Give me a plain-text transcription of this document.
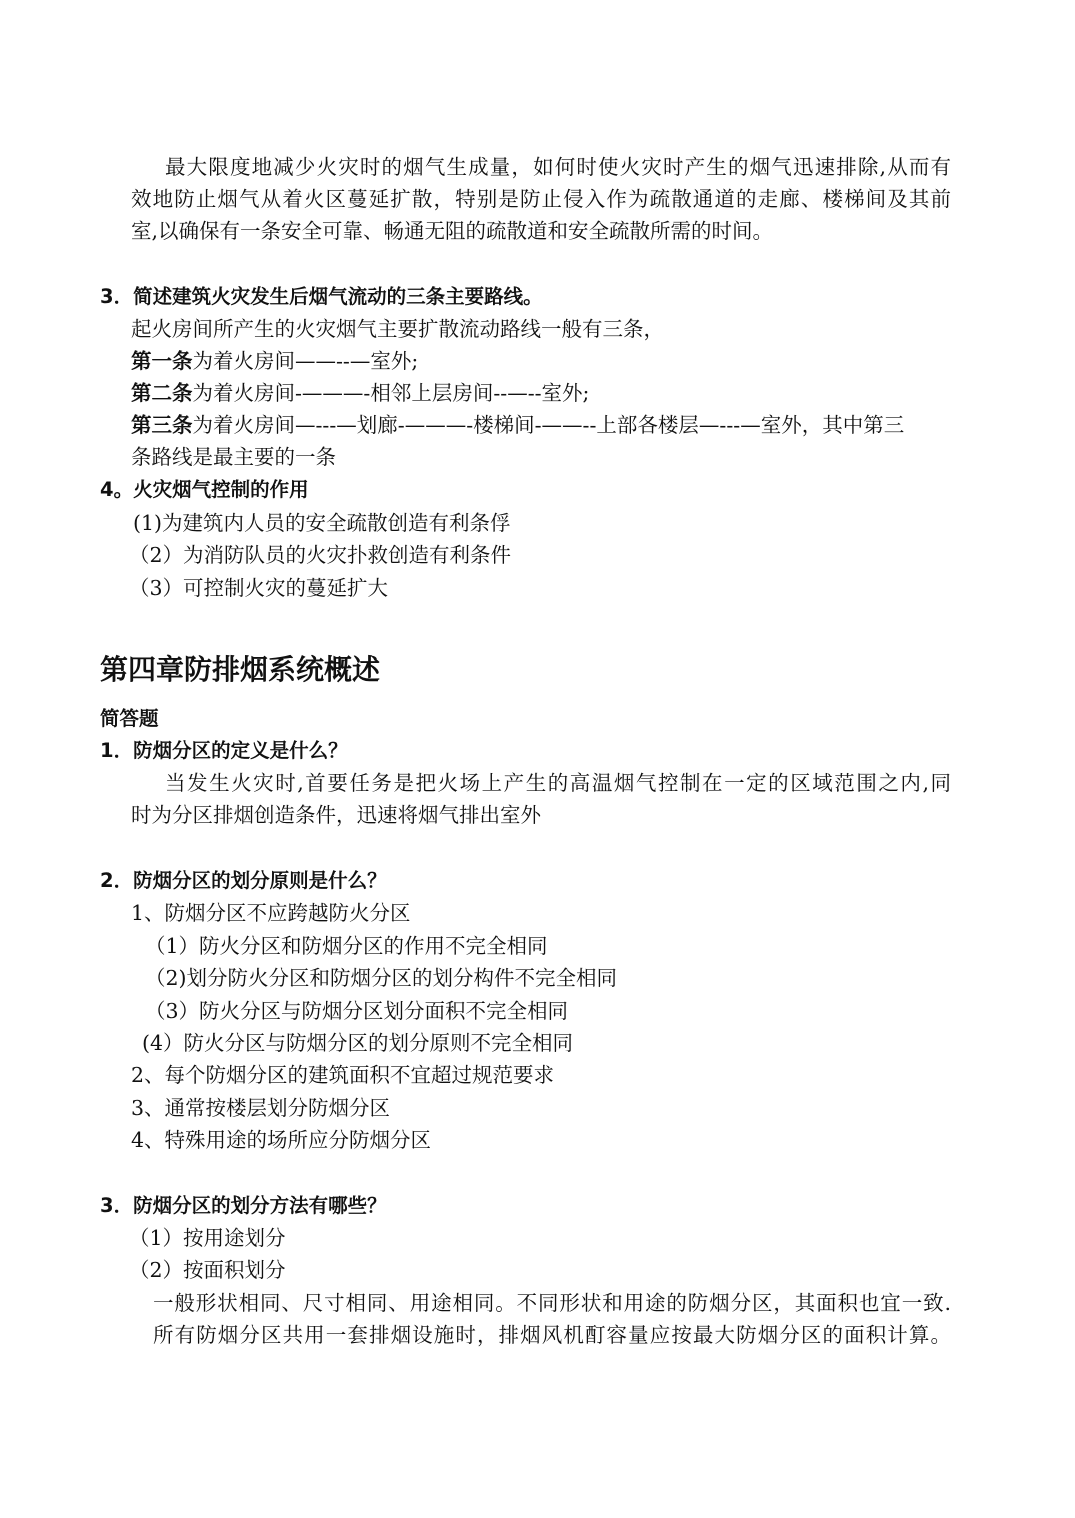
最大限度地减少火灾时的烟气生成量，如何时使火灾时产生的烟气迅速排除,从而有
效地防止烟气从着火区蔓延扩散，特别是防止侵入作为疏散通道的走廊、楼梯间及其前
室,以确保有一条安全可靠、畅通无阻的疏散道和安全疏散所需的时间。
3．简述建筑火灾发生后烟气流动的三条主要路线。
起火房间所产生的火灾烟气主要扩散流动路线一般有三条，
第一条为着火房间——--—室外;
第二条为着火房间-———-相邻上层房间--—--室外;
第三条为着火房间—---—划廊-———-楼梯间-——--上部各楼层—---—室外，其中第三
条路线是最主要的一条
4。火灾烟气控制的作用
(1)为建筑内人员的安全疏散创造有利条俘
（2）为消防队员的火灾扑救创造有利条件
（3）可控制火灾的蔓延扩大
第四章防排烟系统概述
简答题
1．防烟分区的定义是什么？
当发生火灾时,首要任务是把火场上产生的高温烟气控制在一定的区域范围之内,同
时为分区排烟创造条件，迅速将烟气排出室外
2．防烟分区的划分原则是什么？
1、防烟分区不应跨越防火分区
（1）防火分区和防烟分区的作用不完全相同
（2)划分防火分区和防烟分区的划分构件不完全相同
（3）防火分区与防烟分区划分面积不完全相同
(4）防火分区与防烟分区的划分原则不完全相同
2、每个防烟分区的建筑面积不宜超过规范要求
3、通常按楼层划分防烟分区
4、特殊用途的场所应分防烟分区
3．防烟分区的划分方法有哪些？
（1）按用途划分
（2）按面积划分
一般形状相同、尺寸相同、用途相同。不同形状和用途的防烟分区，其面积也宜一致.
所有防烟分区共用一套排烟设施时，排烟风机酊容量应按最大防烟分区的面积计算。
